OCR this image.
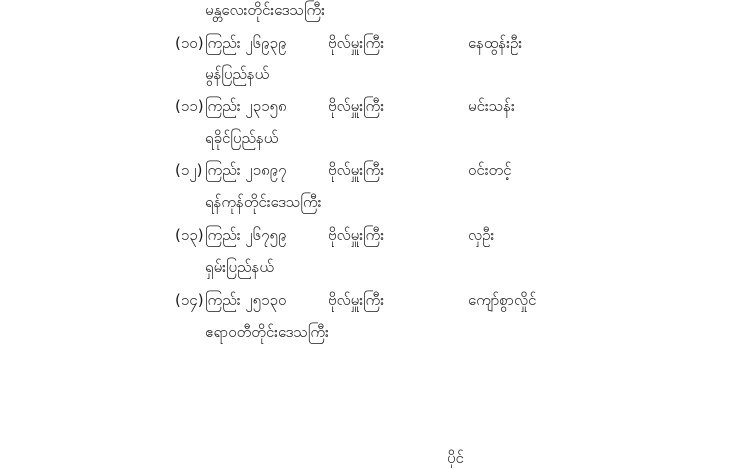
မန္တလေးတိုင်းဒေသကြီး
(၁၀) ကြည်း ၂၆၉၃၉	ဗိုလ်မှူးကြီး	နေထွန်းဦး
မွန်ပြည်နယ်
(၁၁) ကြည်း ၂၃၁၅၈	ဗိုလ်မှူးကြီး	မင်းသန်း
ရခိုင်ပြည်နယ်
(၁၂) ကြည်း ၂၁၈၉၇	ဗိုလ်မှူးကြီး	ဝင်းတင့်
ရန်ကုန်တိုင်းဒေသကြီး
(၁၃) ကြည်း ၂၆၇၅၉	ဗိုလ်မှူးကြီး	လှဦး
ရှမ်းပြည်နယ်
(၁၄) ကြည်း ၂၅၁၃၀	ဗိုလ်မှူးကြီး	ကျော်စွာလှိုင်
ဧရာဝတီတိုင်းဒေသကြီး
ပိုင်
